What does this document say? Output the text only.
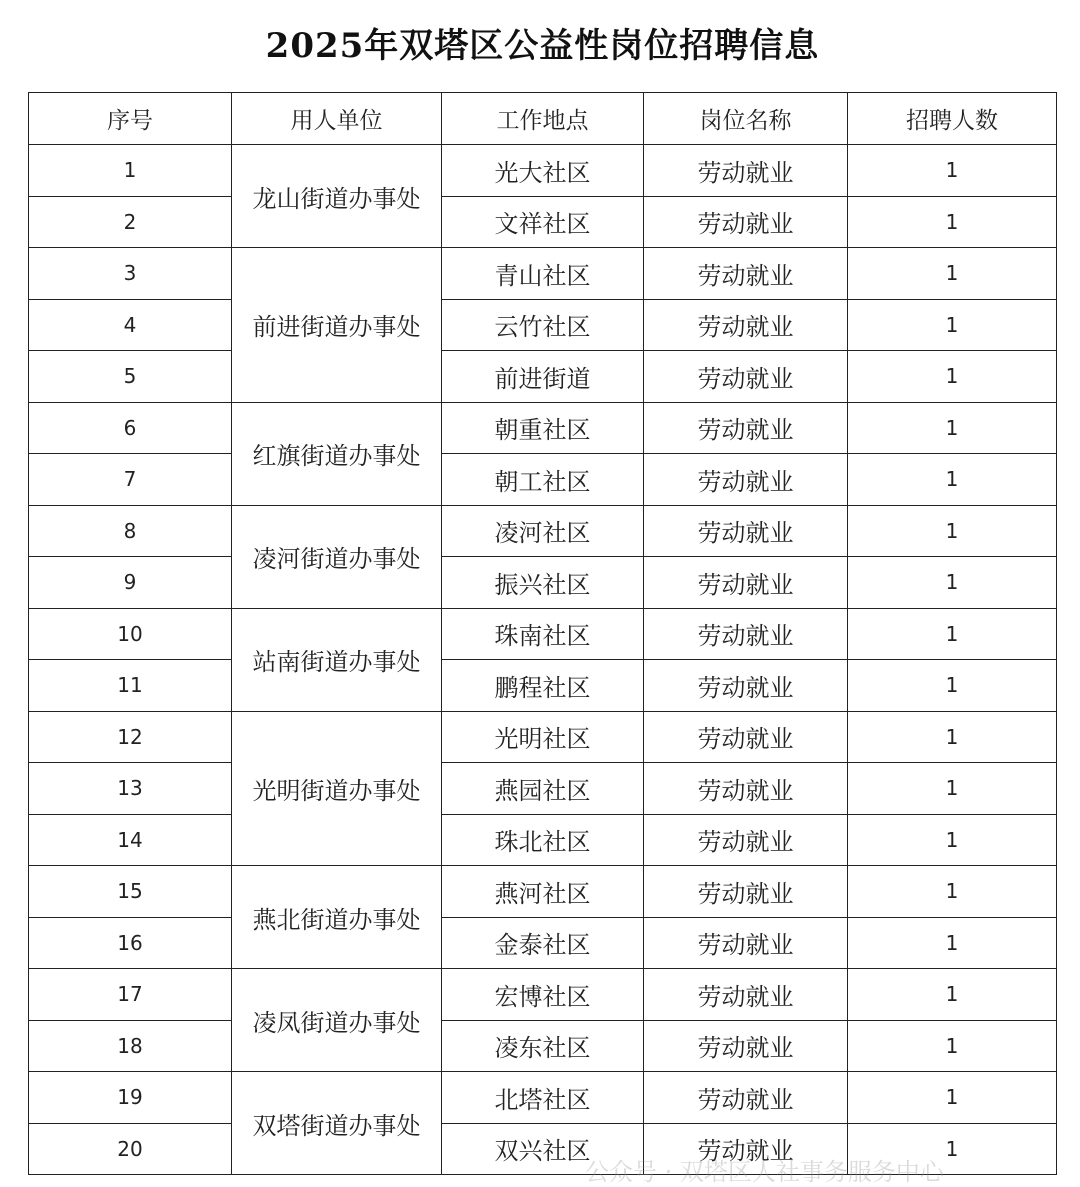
2025年双塔区公益性岗位招聘信息
序号	用人单位	工作地点	岗位名称	招聘人数
1	龙山街道办事处	光大社区	劳动就业	1
2		文祥社区	劳动就业	1
3	前进街道办事处	青山社区	劳动就业	1
4		云竹社区	劳动就业	1
5		前进街道	劳动就业	1
6	红旗街道办事处	朝重社区	劳动就业	1
7		朝工社区	劳动就业	1
8	凌河街道办事处	凌河社区	劳动就业	1
9		振兴社区	劳动就业	1
10	站南街道办事处	珠南社区	劳动就业	1
11		鹏程社区	劳动就业	1
12	光明街道办事处	光明社区	劳动就业	1
13		燕园社区	劳动就业	1
14		珠北社区	劳动就业	1
15	燕北街道办事处	燕河社区	劳动就业	1
16		金泰社区	劳动就业	1
17	凌凤街道办事处	宏博社区	劳动就业	1
18		凌东社区	劳动就业	1
19	双塔街道办事处	北塔社区	劳动就业	1
20		双兴社区	劳动就业	1
公众号 · 双塔区人社事务服务中心
